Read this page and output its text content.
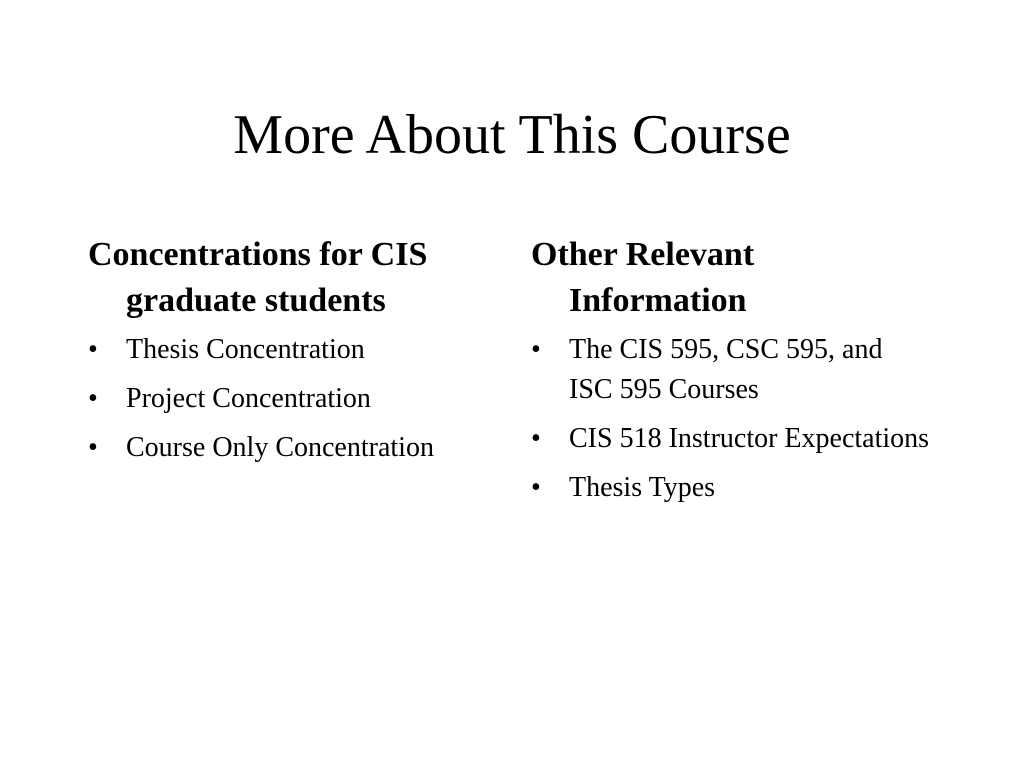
More About This Course
Concentrations for CIS graduate students
•	Thesis Concentration
•	Project Concentration
•	Course Only Concentration
Other Relevant Information
•	The CIS 595, CSC 595, and ISC 595 Courses
•	CIS 518 Instructor Expectations
•	Thesis Types
